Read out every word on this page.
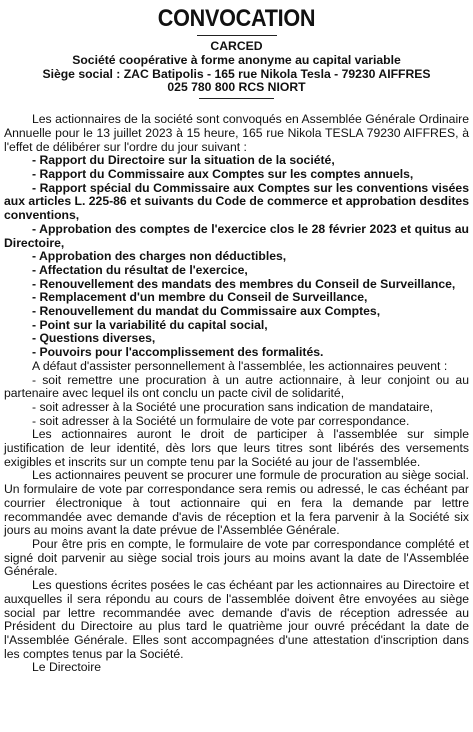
CONVOCATION
CARCED
Société coopérative à forme anonyme au capital variable
Siège social : ZAC Batipolis - 165 rue Nikola Tesla - 79230 AIFFRES
025 780 800 RCS NIORT

Les actionnaires de la société sont convoqués en Assemblée Générale Ordinaire Annuelle pour le 13 juillet 2023 à 15 heure, 165 rue Nikola TESLA 79230 AIFFRES, à l'effet de délibérer sur l'ordre du jour suivant :

- Rapport du Directoire sur la situation de la société,

- Rapport du Commissaire aux Comptes sur les comptes annuels,

- Rapport spécial du Commissaire aux Comptes sur les conventions visées aux articles L. 225-86 et suivants du Code de commerce et approbation desdites conventions,

- Approbation des comptes de l'exercice clos le 28 février 2023 et quitus au Directoire,

- Approbation des charges non déductibles,

- Affectation du résultat de l'exercice,

- Renouvellement des mandats des membres du Conseil de Surveillance,

- Remplacement d'un membre du Conseil de Surveillance,

- Renouvellement du mandat du Commissaire aux Comptes,

- Point sur la variabilité du capital social,

- Questions diverses,

- Pouvoirs pour l'accomplissement des formalités.

A défaut d'assister personnellement à l'assemblée, les actionnaires peuvent :

- soit remettre une procuration à un autre actionnaire, à leur conjoint ou au partenaire avec lequel ils ont conclu un pacte civil de solidarité,

- soit adresser à la Société une procuration sans indication de mandataire,

- soit adresser à la Société un formulaire de vote par correspondance.

Les actionnaires auront le droit de participer à l'assemblée sur simple justification de leur identité, dès lors que leurs titres sont libérés des versements exigibles et inscrits sur un compte tenu par la Société au jour de l'assemblée.

Les actionnaires peuvent se procurer une formule de procuration au siège social. Un formulaire de vote par correspondance sera remis ou adressé, le cas échéant par courrier électronique à tout actionnaire qui en fera la demande par lettre recommandée avec demande d'avis de réception et la fera parvenir à la Société six jours au moins avant la date prévue de l'Assemblée Générale.

Pour être pris en compte, le formulaire de vote par correspondance complété et signé doit parvenir au siège social trois jours au moins avant la date de l'Assemblée Générale.

Les questions écrites posées le cas échéant par les actionnaires au Directoire et auxquelles il sera répondu au cours de l'assemblée doivent être envoyées au siège social par lettre recommandée avec demande d'avis de réception adressée au Président du Directoire au plus tard le quatrième jour ouvré précédant la date de l'Assemblée Générale. Elles sont accompagnées d'une attestation d'inscription dans les comptes tenus par la Société.

Le Directoire
